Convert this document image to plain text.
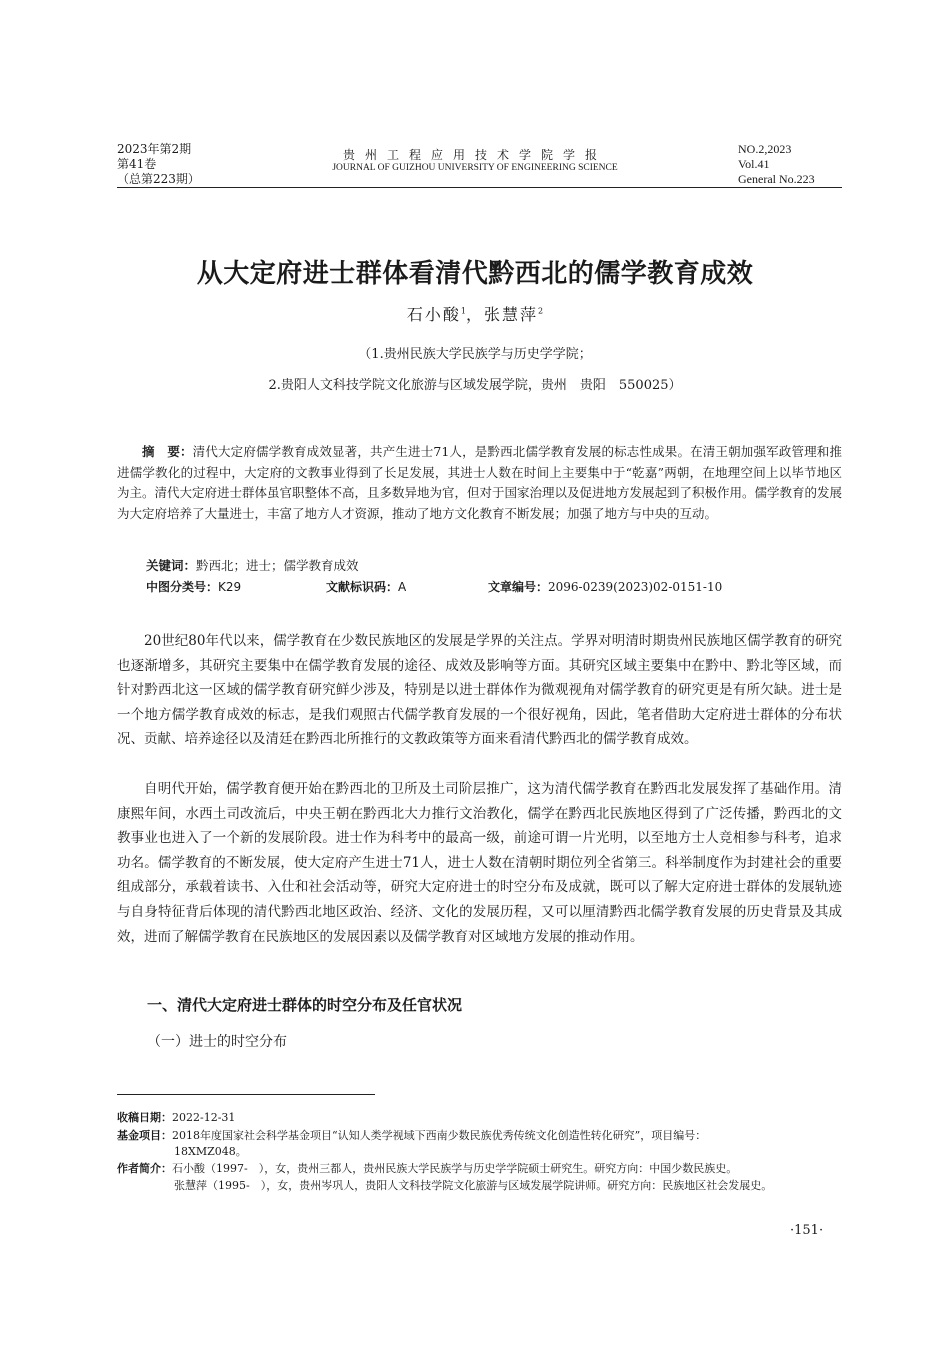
2023年第2期
第41卷
（总第223期）
贵州工程应用技术学院学报
JOURNAL OF GUIZHOU UNIVERSITY OF ENGINEERING SCIENCE
NO.2,2023
Vol.41
General No.223
从大定府进士群体看清代黔西北的儒学教育成效
石小酸$^1$，张慧萍$^2$
（1.贵州民族大学民族学与历史学学院；
2.贵阳人文科技学院文化旅游与区域发展学院，贵州　贵阳　550025）
摘　要：清代大定府儒学教育成效显著，共产生进士71人，是黔西北儒学教育发展的标志性成果。在清王朝加强军政管理和推进儒学教化的过程中，大定府的文教事业得到了长足发展，其进士人数在时间上主要集中于“乾嘉”两朝，在地理空间上以毕节地区为主。清代大定府进士群体虽官职整体不高，且多数异地为官，但对于国家治理以及促进地方发展起到了积极作用。儒学教育的发展为大定府培养了大量进士，丰富了地方人才资源，推动了地方文化教育不断发展；加强了地方与中央的互动。
关键词：黔西北；进士；儒学教育成效
中图分类号：K29	文献标识码：A	文章编号：2096-0239(2023)02-0151-10
20世纪80年代以来，儒学教育在少数民族地区的发展是学界的关注点。学界对明清时期贵州民族地区儒学教育的研究也逐渐增多，其研究主要集中在儒学教育发展的途径、成效及影响等方面。其研究区域主要集中在黔中、黔北等区域，而针对黔西北这一区域的儒学教育研究鲜少涉及，特别是以进士群体作为微观视角对儒学教育的研究更是有所欠缺。进士是一个地方儒学教育成效的标志，是我们观照古代儒学教育发展的一个很好视角，因此，笔者借助大定府进士群体的分布状况、贡献、培养途径以及清廷在黔西北所推行的文教政策等方面来看清代黔西北的儒学教育成效。
自明代开始，儒学教育便开始在黔西北的卫所及土司阶层推广，这为清代儒学教育在黔西北发展发挥了基础作用。清康熙年间，水西土司改流后，中央王朝在黔西北大力推行文治教化，儒学在黔西北民族地区得到了广泛传播，黔西北的文教事业也进入了一个新的发展阶段。进士作为科考中的最高一级，前途可谓一片光明，以至地方士人竞相参与科考，追求功名。儒学教育的不断发展，使大定府产生进士71人，进士人数在清朝时期位列全省第三。科举制度作为封建社会的重要组成部分，承载着读书、入仕和社会活动等，研究大定府进士的时空分布及成就，既可以了解大定府进士群体的发展轨迹与自身特征背后体现的清代黔西北地区政治、经济、文化的发展历程，又可以厘清黔西北儒学教育发展的历史背景及其成效，进而了解儒学教育在民族地区的发展因素以及儒学教育对区域地方发展的推动作用。
一、清代大定府进士群体的时空分布及任官状况
（一）进士的时空分布
收稿日期：2022-12-31
基金项目：2018年度国家社会科学基金项目“认知人类学视域下西南少数民族优秀传统文化创造性转化研究”，项目编号：
18XMZ048。
作者简介：石小酸（1997-　），女，贵州三都人，贵州民族大学民族学与历史学学院硕士研究生。研究方向：中国少数民族史。
张慧萍（1995-　），女，贵州岑巩人，贵阳人文科技学院文化旅游与区域发展学院讲师。研究方向：民族地区社会发展史。
·151·
